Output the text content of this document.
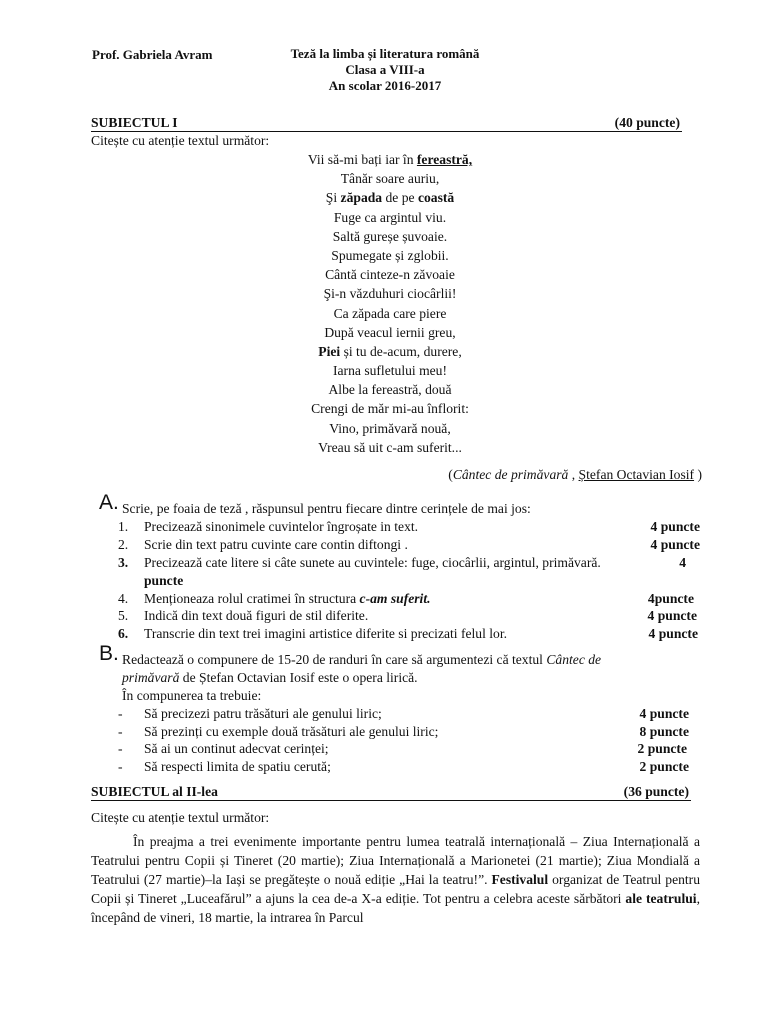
Prof. Gabriela Avram	Teză la limba și literatura română
Clasa a VIII-a
An scolar 2016-2017
SUBIECTUL I	(40 puncte)
Citește cu atenție textul următor:
Vii să-mi bați iar în fereastră,
Tânăr soare auriu,
Şi zăpada de pe coastă
Fuge ca argintul viu.
Saltă gureșe șuvoaie.
Spumegate și zglobii.
Cântă cinteze-n zăvoaie
Şi-n văzduhuri ciocârlii!
Ca zăpada care piere
După veacul iernii greu,
Piei și tu de-acum, durere,
Iarna sufletului meu!
Albe la fereastră, două
Crengi de măr mi-au înflorit:
Vino, primăvară nouă,
Vreau să uit c-am suferit...
(Cântec de primăvară , Ștefan Octavian Iosif )
A. Scrie, pe foaia de teză , răspunsul pentru fiecare dintre cerințele de mai jos:
1.	Precizează sinonimele cuvintelor îngroșate in text.	4 puncte
2.	Scrie din text patru cuvinte care contin diftongi .	4 puncte
3.	Precizează cate litere si câte sunete au cuvintele: fuge, ciocârlii, argintul, primăvară.	4
puncte
4.	Menționeaza rolul cratimei în structura c-am suferit.	4puncte
5.	Indică din text două figuri de stil diferite.	4 puncte
6.	Transcrie din text trei imagini artistice diferite si precizati felul lor.	4 puncte
B. Redactează o compunere de 15-20 de randuri în care să argumentezi că textul Cântec de
primăvară de Ștefan Octavian Iosif este o opera lirică.
În compunerea ta trebuie:
- Să precizezi patru trăsături ale genului liric;	4 puncte
- Să prezinți cu exemple două trăsături ale genului liric;	8 puncte
- Să ai un continut adecvat cerinței;	2 puncte
- Să respecti limita de spatiu cerută;	2 puncte
SUBIECTUL al II-lea	(36 puncte)
Citește cu atenție textul următor:
În preajma a trei evenimente importante pentru lumea teatrală internațională – Ziua Internațională a Teatrului pentru Copii și Tineret (20 martie); Ziua Internațională a Marionetei (21 martie); Ziua Mondială a Teatrului (27 martie)–la Iași se pregătește o nouă ediție „Hai la teatru!”. Festivalul organizat de Teatrul pentru Copii și Tineret „Luceafărul” a ajuns la cea de-a X-a ediție. Tot pentru a celebra aceste sărbători ale teatrului, începând de vineri, 18 martie, la intrarea în Parcul
